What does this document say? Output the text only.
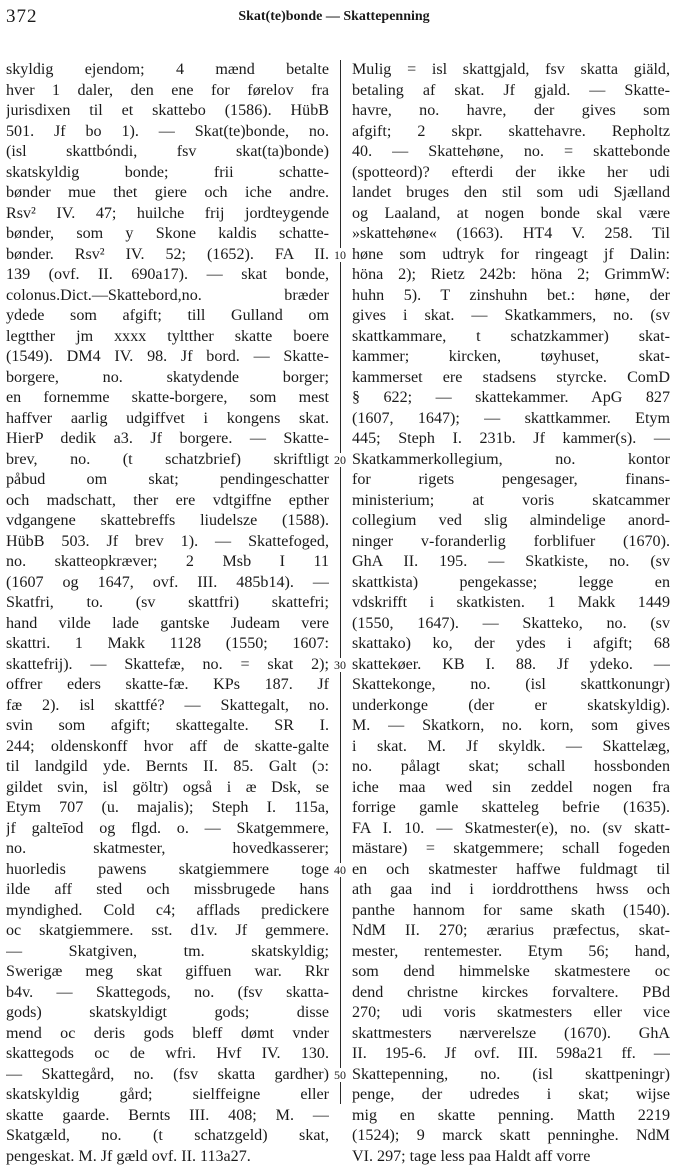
372	Skat(te)bonde — Skattepenning
skyldig ejendom; 4 mænd betalte
hver 1 daler, den ene for førelov fra
jurisdixen til et skattebo (1586). HübB
501. Jf bo 1). — Skat(te)bonde, no.
(isl skattbóndi, fsv skat(ta)bonde)
skatskyldig bonde; frii schatte-
bønder mue thet giere och iche andre.
Rsv² IV. 47; huilche frij jordteygende
bønder, som y Skone kaldis schatte-
bønder. Rsv² IV. 52; (1652). FA II.
139 (ovf. II. 690a17). — skat bonde,
colonus.Dict.—Skattebord,no. bræder
ydede som afgift; till Gulland om
legtther jm xxxx tyltther skatte boere
(1549). DM4 IV. 98. Jf bord. — Skatte-
borgere, no. skatydende borger;
en fornemme skatte-borgere, som mest
haffver aarlig udgiffvet i kongens skat.
HierP dedik a3. Jf borgere. — Skatte-
brev, no. (t schatzbrief) skriftligt
påbud om skat; pendingeschatter
och madschatt, ther ere vdtgiffne epther
vdgangene skattebreffs liudelsze (1588).
HübB 503. Jf brev 1). — Skattefoged,
no. skatteopkræver; 2 Msb I 11
(1607 og 1647, ovf. III. 485b14). —
Skatfri, to. (sv skattfri) skattefri;
hand vilde lade gantske Judeam vere
skattri. 1 Makk 1128 (1550; 1607:
skattefrij). — Skattefæ, no. = skat 2);
offrer eders skatte-fæ. KPs 187. Jf
fæ 2). isl skattfé? — Skattegalt, no.
svin som afgift; skattegalte. SR I.
244; oldenskonff hvor aff de skatte-galte
til landgild yde. Bernts II. 85. Galt (ɔ:
gildet svin, isl göltr) også i æ Dsk, se
Etym 707 (u. majalis); Steph I. 115a,
jf galteīod og flgd. o. — Skatgemmere,
no. skatmester, hovedkasserer;
huorledis pawens skatgiemmere toge
ilde aff sted och missbrugede hans
myndighed. Cold c4; afflads predickere
oc skatgiemmere. sst. d1v. Jf gemmere.
— Skatgiven, tm. skatskyldig;
Swerigæ meg skat giffuen war. Rkr
b4v. — Skattegods, no. (fsv skatta-
gods) skatskyldigt gods; disse
mend oc deris gods bleff dømt vnder
skattegods oc de wfri. Hvf IV. 130.
— Skattegård, no. (fsv skatta gardher)
skatskyldig gård; sielffeigne eller
skatte gaarde. Bernts III. 408; M. —
Skatgæld, no. (t schatzgeld) skat,
pengeskat. M. Jf gæld ovf. II. 113a27.
10
20
30
40
50
Mulig = isl skattgjald, fsv skatta giäld,
betaling af skat. Jf gjald. — Skatte-
havre, no. havre, der gives som
afgift; 2 skpr. skattehavre. Repholtz
40. — Skattehøne, no. = skattebonde
(spotteord)? efterdi der ikke her udi
landet bruges den stil som udi Sjælland
og Laaland, at nogen bonde skal være
»skattehøne« (1663). HT4 V. 258. Til
høne som udtryk for ringeagt jf Dalin:
höna 2); Rietz 242b: höna 2; GrimmW:
huhn 5). T zinshuhn bet.: høne, der
gives i skat. — Skatkammers, no. (sv
skattkammare, t schatzkammer) skat-
kammer; kircken, tøyhuset, skat-
kammerset ere stadsens styrcke. ComD
§ 622; — skattekammer. ApG 827
(1607, 1647); — skattkammer. Etym
445; Steph I. 231b. Jf kammer(s). —
Skatkammerkollegium, no. kontor
for rigets pengesager, finans-
ministerium; at voris skatcammer
collegium ved slig almindelige anord-
ninger v-foranderlig forblifuer (1670).
GhA II. 195. — Skatkiste, no. (sv
skattkista) pengekasse; legge en
vdskrifft i skatkisten. 1 Makk 1449
(1550, 1647). — Skatteko, no. (sv
skattako) ko, der ydes i afgift; 68
skattekøer. KB I. 88. Jf ydeko. —
Skattekonge, no. (isl skattkonungr)
underkonge (der er skatskyldig).
M. — Skatkorn, no. korn, som gives
i skat. M. Jf skyldk. — Skattelæg,
no. pålagt skat; schall hossbonden
iche maa wed sin zeddel nogen fra
forrige gamle skatteleg befrie (1635).
FA I. 10. — Skatmester(e), no. (sv skatt-
mästare) = skatgemmere; schall fogeden
en och skatmester haffwe fuldmagt til
ath gaa ind i iorddrotthens hwss och
panthe hannom for same skath (1540).
NdM II. 270; ærarius præfectus, skat-
mester, rentemester. Etym 56; hand,
som dend himmelske skatmestere oc
dend christne kirckes forvaltere. PBd
270; udi voris skatmesters eller vice
skattmesters nærverelsze (1670). GhA
II. 195-6. Jf ovf. III. 598a21 ff. —
Skattepenning, no. (isl skattpeningr)
penge, der udredes i skat; wijse
mig en skatte penning. Matth 2219
(1524); 9 marck skatt penninghe. NdM
VI. 297; tage less paa Haldt aff vorre
